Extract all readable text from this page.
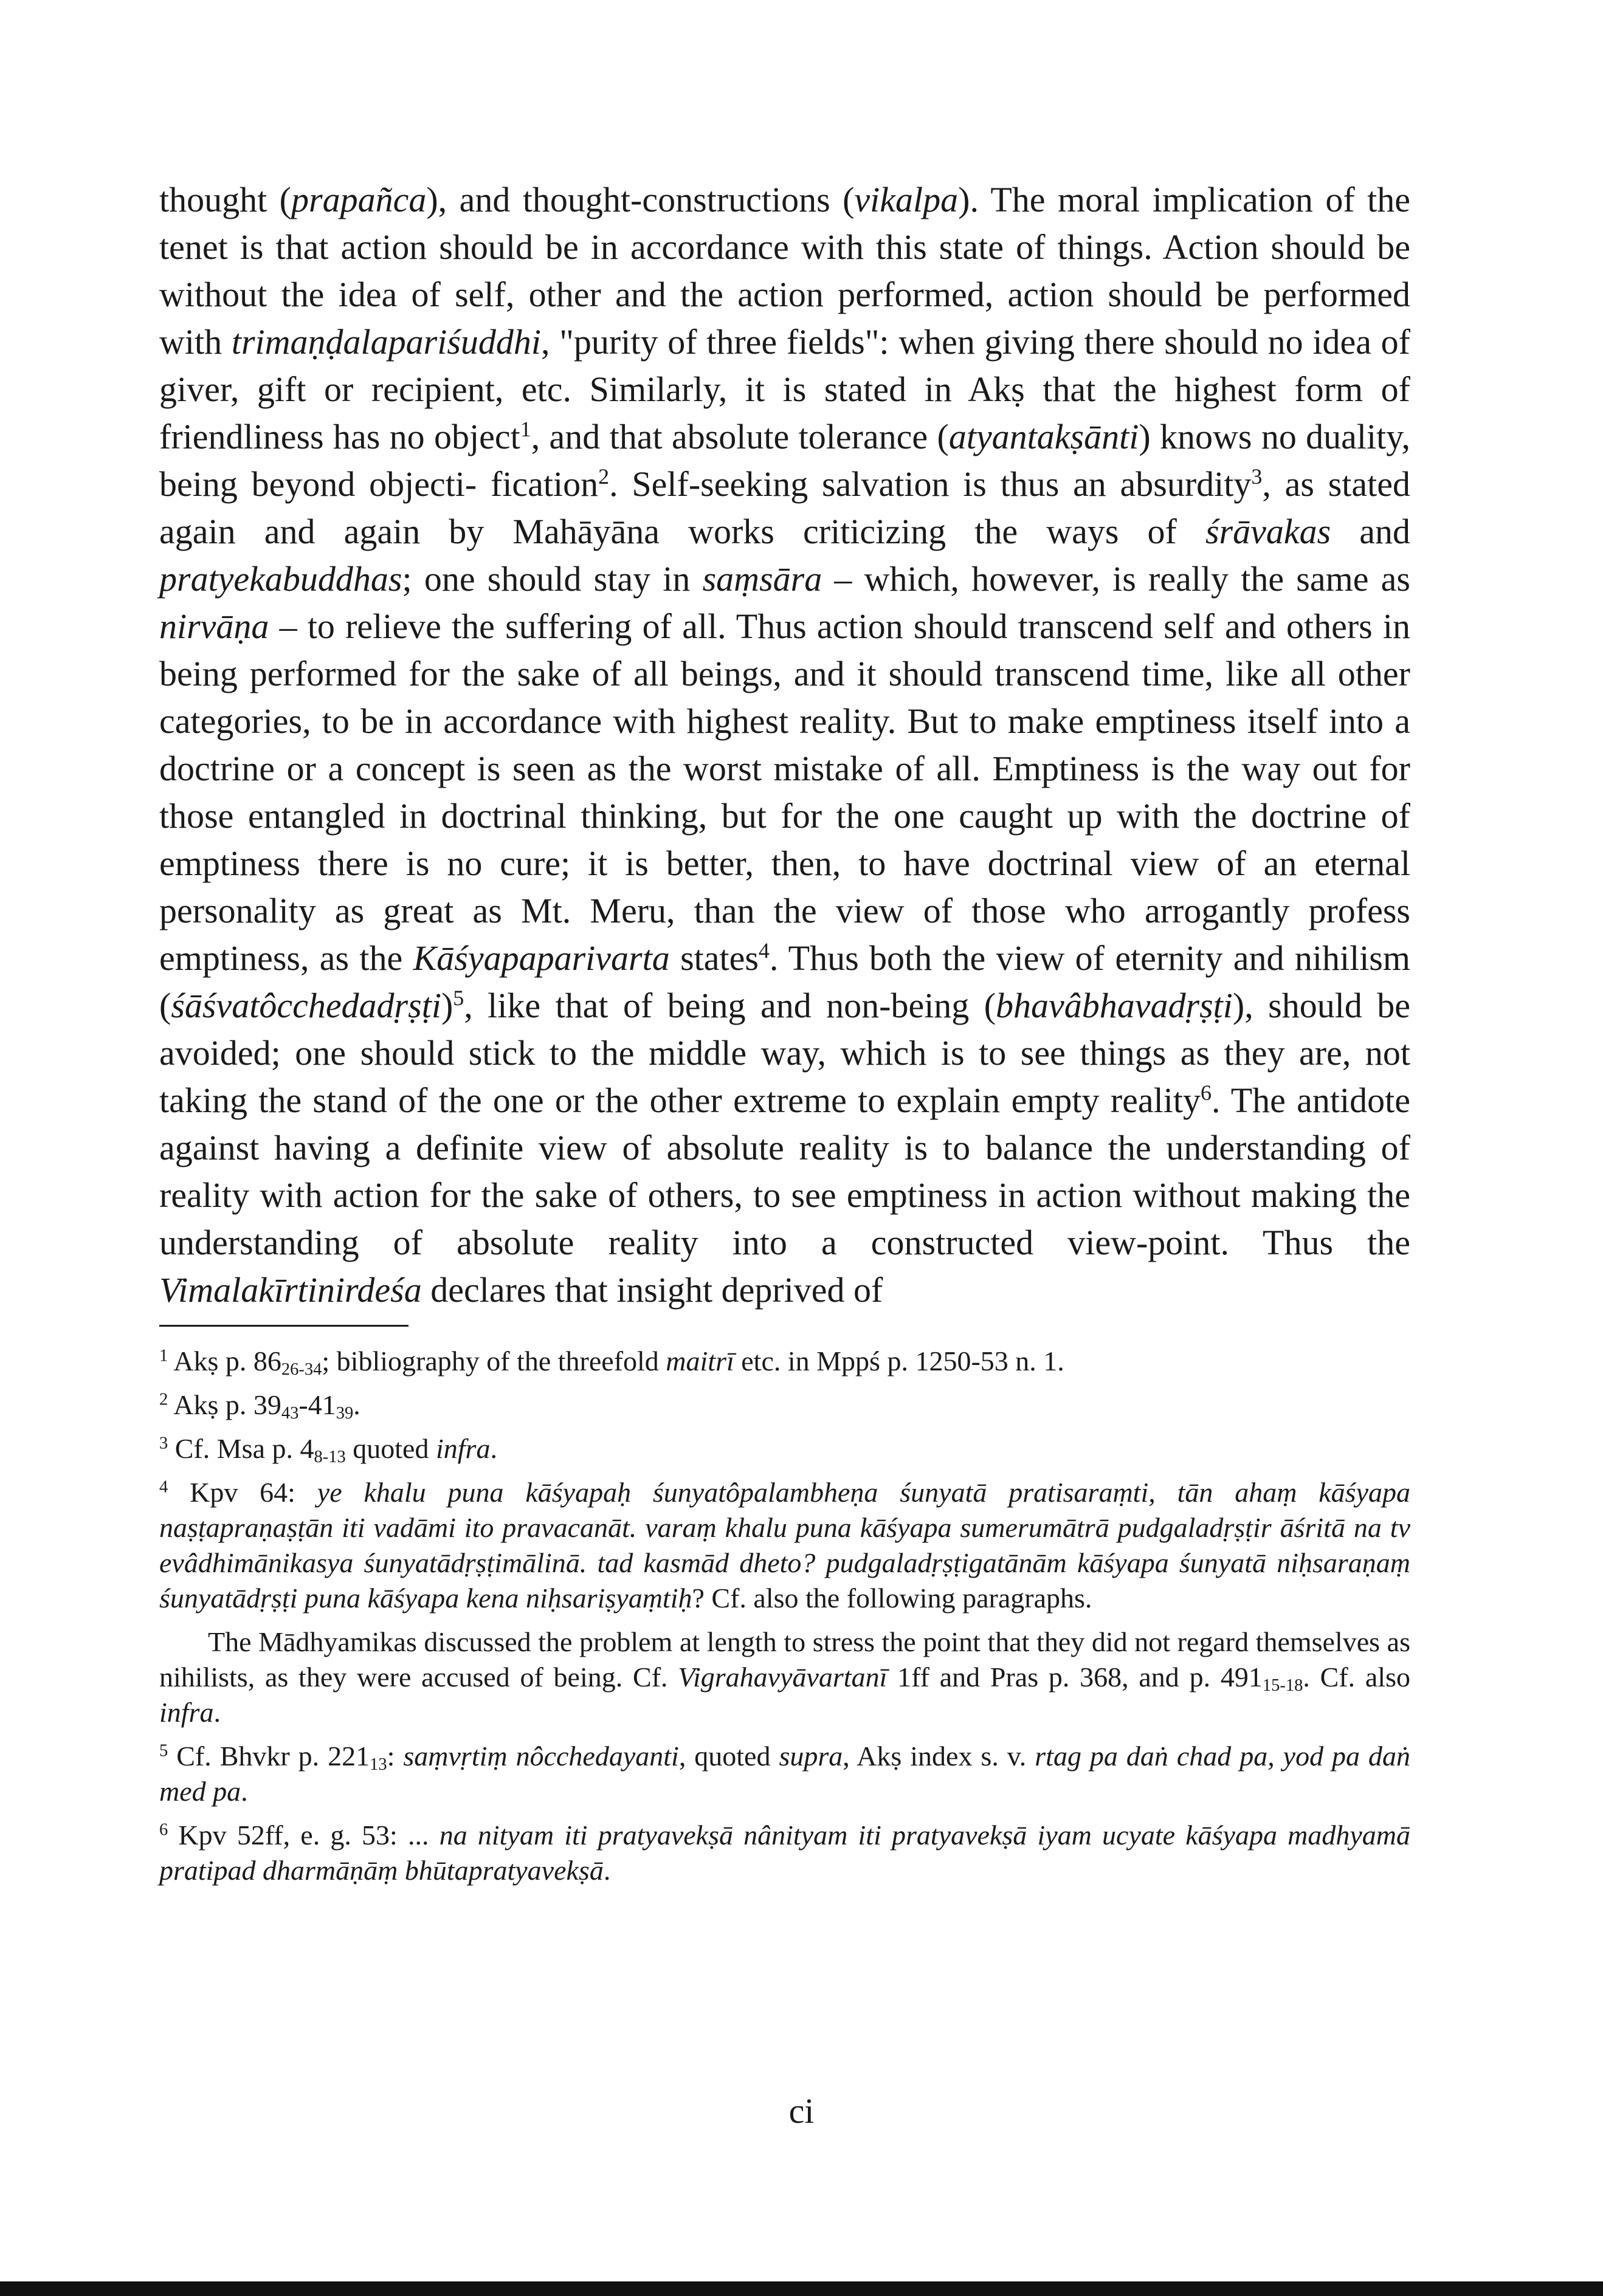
thought (prapañca), and thought-constructions (vikalpa). The moral implication of the tenet is that action should be in accordance with this state of things. Action should be without the idea of self, other and the action performed, action should be performed with trimaṇḍalapariśuddhi, "purity of three fields": when giving there should no idea of giver, gift or recipient, etc. Similarly, it is stated in Akṣ that the highest form of friendliness has no object$^1$, and that absolute tolerance (atyantakṣānti) knows no duality, being beyond objecti- fication$^2$. Self-seeking salvation is thus an absurdity$^3$, as stated again and again by Mahāyāna works criticizing the ways of śrāvakas and pratyekabuddhas; one should stay in saṃsāra – which, however, is really the same as nirvāṇa – to relieve the suffering of all. Thus action should transcend self and others in being performed for the sake of all beings, and it should transcend time, like all other categories, to be in accordance with highest reality. But to make emptiness itself into a doctrine or a concept is seen as the worst mistake of all. Emptiness is the way out for those entangled in doctrinal thinking, but for the one caught up with the doctrine of emptiness there is no cure; it is better, then, to have doctrinal view of an eternal personality as great as Mt. Meru, than the view of those who arrogantly profess emptiness, as the Kāśyapaparivarta states$^4$. Thus both the view of eternity and nihilism (śāśvatôcchedadṛṣṭi)$^5$, like that of being and non-being (bhavâbhavadṛṣṭi), should be avoided; one should stick to the middle way, which is to see things as they are, not taking the stand of the one or the other extreme to explain empty reality$^6$. The antidote against having a definite view of absolute reality is to balance the understanding of reality with action for the sake of others, to see emptiness in action without making the understanding of absolute reality into a constructed view-point. Thus the Vimalakīrtinirdeśa declares that insight deprived of

$^1$ Akṣ p. $86_{26-34}$; bibliography of the threefold maitrī etc. in Mppś p. 1250-53 n. 1.

$^2$ Akṣ p. $39_{43}-41_{39}$.

$^3$ Cf. Msa p. $4_{8-13}$ quoted infra.

$^4$ Kpv 64: ye khalu puna kāśyapaḥ śunyatôpalambheṇa śunyatā pratisaraṃti, tān ahaṃ kāśyapa naṣṭapraṇaṣṭān iti vadāmi ito pravacanāt. varaṃ khalu puna kāśyapa sumerumātrā pudgaladṛṣṭir āśritā na tv evâdhimānikasya śunyatādṛṣṭimālinā. tad kasmād dheto? pudgaladṛṣṭigatānām kāśyapa śunyatā niḥsaraṇaṃ śunyatādṛṣṭi puna kāśyapa kena niḥsariṣyaṃtiḥ? Cf. also the following paragraphs.

The Mādhyamikas discussed the problem at length to stress the point that they did not regard themselves as nihilists, as they were accused of being. Cf. Vigrahavyāvartanī 1ff and Pras p. 368, and p. $491_{15-18}$. Cf. also infra.

$^5$ Cf. Bhvkr p. $221_{13}$: saṃvṛtiṃ nôcchedayanti, quoted supra, Akṣ index s. v. rtag pa daṅ chad pa, yod pa daṅ med pa.

$^6$ Kpv 52ff, e. g. 53: ... na nityam iti pratyavekṣā nânityam iti pratyavekṣā iyam ucyate kāśyapa madhyamā pratipad dharmāṇāṃ bhūtapratyavekṣā.

ci
